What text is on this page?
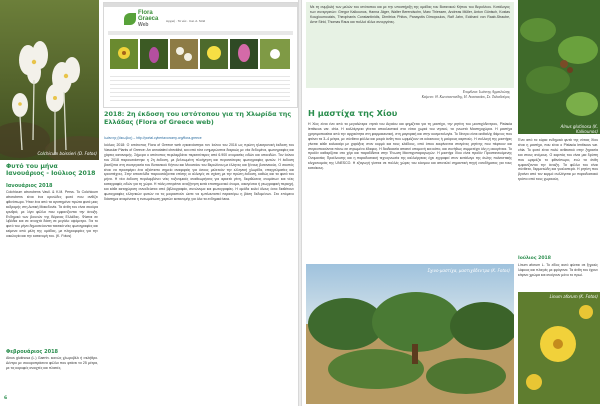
Colchicum boissieri (D. Fotos)
Φυτό του μήνα
Ιανουάριος - Ιούλιος 2018
Ιανουάριος 2018
Colchicum atrorubens Vasil. & K.M. Perss. Το Colchicum atrorubens είναι ένα κρινώδες φυτό που ανθίζει φθινόπωρο. Ήταν ένα από τα αγαπημένα πρώτα φυτά μιας εκδρομής στη Δυτική Μακεδονία. Τα άνθη του είναι σκούρα ερυθρά, με λίγα φύλλα που εμφανίζονται την άνοιξη. Ενδημικό των βουνών της Βόρειας Ελλάδας. Φύεται σε λιβάδια και σε ανοιχτά δάση σε μεγάλο υψόμετρο. Για το φυτό του μήνα δημοσιεύονται τακτικά νέες φωτογραφίες και κείμενα από μέλη της ομάδας, με πληροφορίες για την οικολογία και την κατανομή του. (K. Fotos)
Φεβρουάριος 2018
Alnus glutinosa (L.) Gaertn. κοινώς χλωροβέλι ή σκλήθρο. Δέντρο με σκουροπράσινα φύλλα που φτάνει τα 25 μέτρα, με τις κορυφές ανοιχτές και πλατιές.
6
Flora
Graeca
Web
Αρχική · Τα νέα · Cat. A. Strid
2018: 2η έκδοση του ιστότοπου για τη Χλωρίδα της Ελλάδας (Flora of Greece web)
Ιωάννης (Ιάκωβος) – http://portal.cybertaxonomy.org/flora-greece
Ιούλιος 2018: Ο ιστότοπος Flora of Greece web εγκαινιάστηκε τον Ιούνιο του 2016 ως πρώτη ηλεκτρονική έκδοση του Vascular Plants of Greece: An annotated checklist, και από τότε ενημερώνεται διαρκώς με νέα δεδομένα, φωτογραφίες και χάρτες κατανομής. Σήμερα ο ιστότοπος περιλαμβάνει περισσότερες από 6.900 ονομασίες ειδών και υποειδών. Τον Ιούνιο του 2018 παρουσιάστηκε η 2η έκδοση, με βελτιωμένη πλοήγηση και περισσότερες φωτογραφίες φυτών. Η έκδοση βασίζεται στη συνεργασία του Βοτανικού Κήπου και Μουσείου του Βερολίνου με έλληνες και ξένους βοτανικούς. Ο σκοπός είναι να προσφέρει ένα αξιόπιστο σημείο αναφοράς για όσους μελετούν την ελληνική χλωρίδα, επαγγελματίες και ερασιτέχνες. Στην ιστοσελίδα παρουσιάζονται επίσης οι αλλαγές σε σχέση με την πρώτη έκδοση, καθώς και τα φυτά του μήνα. Η νέα έκδοση περιλαμβάνει νέες ταξινομικές αναθεωρήσεις για αρκετά γένη, διορθώσεις ονομάτων και νέες καταγραφές ειδών για τη χώρα. Η πύλη επιτρέπει αναζήτηση κατά επιστημονικό όνομα, οικογένεια ή γεωγραφική περιοχή, και κάθε καταχώριση συνοδεύεται από βιβλιογραφία, συνώνυμα και φωτογραφίες. Η ομάδα καλεί όλους όσοι διαθέτουν φωτογραφίες ελληνικών φυτών να τις μοιραστούν ώστε να εμπλουτιστεί περαιτέρω η βάση δεδομένων. Στο επόμενο διάστημα αναμένεται η ενσωμάτωση χαρτών κατανομής για όλα τα ενδημικά taxa.
Με τη συμβολή των μελών του ιστότοπου και με την υποστήριξη της ομάδας του Βοτανικού Κήπου του Βερολίνου. Κατάλογος των συνεργατών: Gregor Kalkounos, Hanna Jäger, Walter Berendsohn, Marc Thiessen, Andreas Müller, Anton Güntsch, Kostas Kougioumoutzis, Theophanis Constantinidis, Dimitrios Phitos, Panayotis Dimopoulos, Ralf Jahn, Eckhard von Raab-Straube, Arne Strid, Thomas Raus και πολλοί άλλοι συνεργάτες.
Επιμέλεια: Ιωάννης Αρμπιλιώτης
Κείμενο: Θ. Κωνσταντινίδης, Η. Αναστασίου, Στ. Ταλιαδούρος
Alnus glutinosa (K. Kalkounos)
Η μαστίχα της Χίου
Η Χίος είναι ένα από τα μεγαλύτερα νησιά του Αιγαίου και φημίζεται για τη μαστίχα, την ρητίνη του μαστιχόδεντρου, Pistacia lentiscus var. chia. Η καλλιέργεια γίνεται αποκλειστικά στα νότια χωριά του νησιού, τα γνωστά Μαστιχοχώρια. Η μαστίχα χρησιμοποιείται από την αρχαιότητα στη φαρμακευτική, στη μαγειρική και στην κοσμετολογία. Το δέντρο είναι αειθαλής θάμνος που φτάνει τα 3–4 μέτρα, με σύνθετα φύλλα και μικρά άνθη που ωριμάζουν σε κόκκινους ή μαύρους καρπούς. Η συλλογή της μαστίχας γίνεται κάθε καλοκαίρι με χαράξεις στον κορμό και τους κλάδους, από όπου εκκρίνονται σταγόνες ρητίνης που πέφτουν και στερεοποιούνται πάνω σε στρωμένο έδαφος. Η διαδικασία απαιτεί υπομονή και κόπο, και συνήθως συμμετέχει όλη η οικογένεια. Το προϊόν καθαρίζεται στο χέρι και παραδίδεται στην Ένωση Μαστιχοπαραγωγών. Η μαστίχα Χίου είναι προϊόν Προστατευόμενης Ονομασίας Προέλευσης και η παραδοσιακή τεχνογνωσία της καλλιέργειας έχει εγγραφεί στον κατάλογο της άυλης πολιτιστικής κληρονομιάς της UNESCO. Η εξαγωγή γίνεται σε πολλές χώρες του κόσμου και αποτελεί σημαντική πηγή εισοδήματος για τους κατοίκους.
Ένα από τα κύρια ενδημικά φυτά της νότιας Χίου είναι η μαστίχα, που είναι ο Pistacia lentiscus var. chia. Το φυτό είναι πολύ ανθεκτικό στην ξηρασία και στους ανέμους. Ο καρπός του είναι μια δρύπη που ωριμάζει το φθινόπωρο, ενώ τα άνθη εμφανίζονται την άνοιξη. Τα φύλλα του είναι σύνθετα, δερματώδη και γυαλιστερά. Η ρητίνη που βγαίνει από τον κορμό συλλέγεται με παραδοσιακό τρόπο από τους χωρικούς.
Ιούλιος 2018
Linum aforum L. Το είδος αυτό φύεται σε ξηρούς λόφους και πλαγιές με φρύγανα. Τα άνθη του έχουν κίτρινο χρώμα και ανοίγουν μόνο το πρωί.
Σχινο-μαστίχα, μαστιχόδεντρα (K. Fotos)
Linum aforum (K. Fotos)
